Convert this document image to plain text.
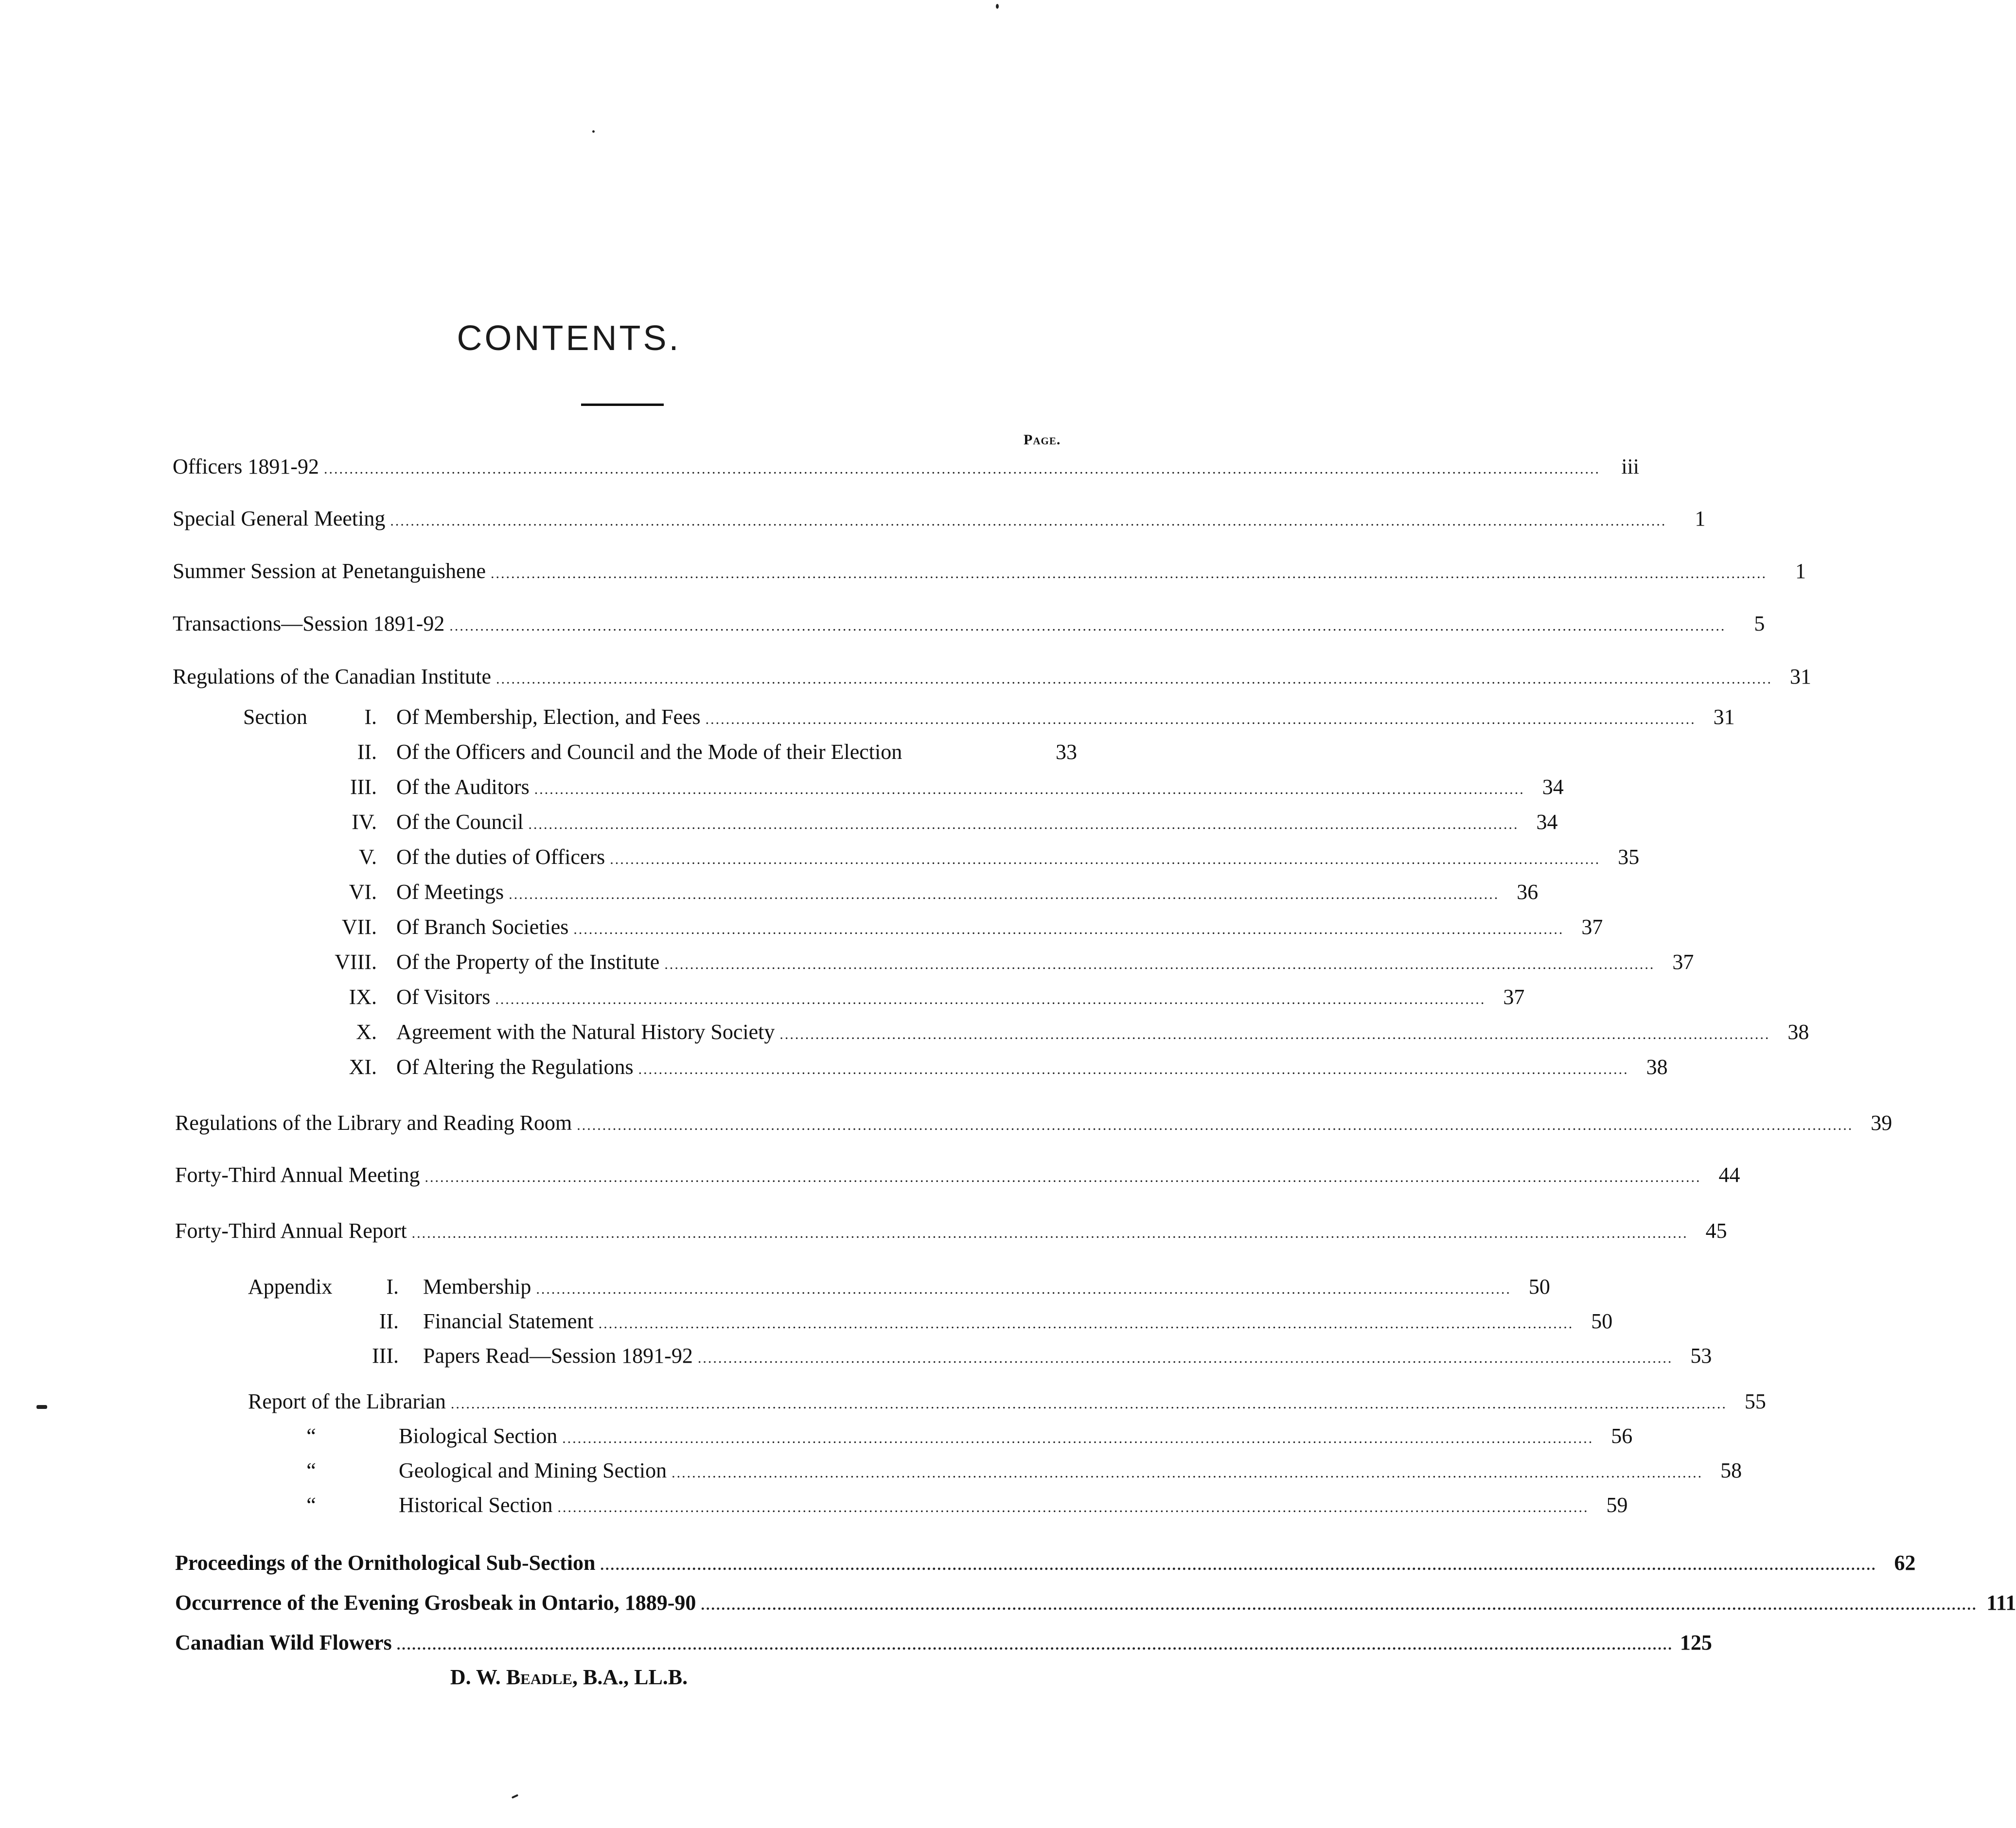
CONTENTS.
Page.
Officers 1891-92 .......................................................................................................................................................................................................................................................... iii
Special General Meeting ..........................................................................................................................................................................................................................................................	1
Summer Session at Penetanguishene ..........................................................................................................................................................................................................................................................	1
Transactions—Session 1891-92 ..........................................................................................................................................................................................................................................................	5
Regulations of the Canadian Institute .......................................................................................................................................................................................................................................................... 31
Section	I. Of Membership, Election, and Fees .................................................................................................................................................................................................. 31
II. Of the Officers and Council and the Mode of their Election	33
III. Of the Auditors .................................................................................................................................................................................................. 34
IV. Of the Council .................................................................................................................................................................................................. 34
V. Of the duties of Officers .................................................................................................................................................................................................. 35
VI. Of Meetings .................................................................................................................................................................................................. 36
VII. Of Branch Societies .................................................................................................................................................................................................. 37
VIII. Of the Property of the Institute .................................................................................................................................................................................................. 37
IX. Of Visitors .................................................................................................................................................................................................. 37
X. Agreement with the Natural History Society .................................................................................................................................................................................................. 38
XI. Of Altering the Regulations .................................................................................................................................................................................................. 38
Regulations of the Library and Reading Room .......................................................................................................................................................................................................................................................... 39
Forty-Third Annual Meeting .......................................................................................................................................................................................................................................................... 44
Forty-Third Annual Report .......................................................................................................................................................................................................................................................... 45
Appendix	I. Membership ............................................................................................................................................................................................... 50
II. Financial Statement ............................................................................................................................................................................................... 50
III. Papers Read—Session 1891-92 ............................................................................................................................................................................................... 53
Report of the Librarian .......................................................................................................................................................................................................................................................... 55
“	Biological Section .......................................................................................................................................................................................................... 56
“	Geological and Mining Section .......................................................................................................................................................................................................... 58
“	Historical Section .......................................................................................................................................................................................................... 59
Proceedings of the Ornithological Sub-Section .......................................................................................................................................................................................................................................................... 62
Occurrence of the Evening Grosbeak in Ontario, 1889-90 .......................................................................................................................................................................................................................................................... 111
Canadian Wild Flowers .......................................................................................................................................................................................................................................................... 125
D. W. Beadle, B.A., LL.B.
